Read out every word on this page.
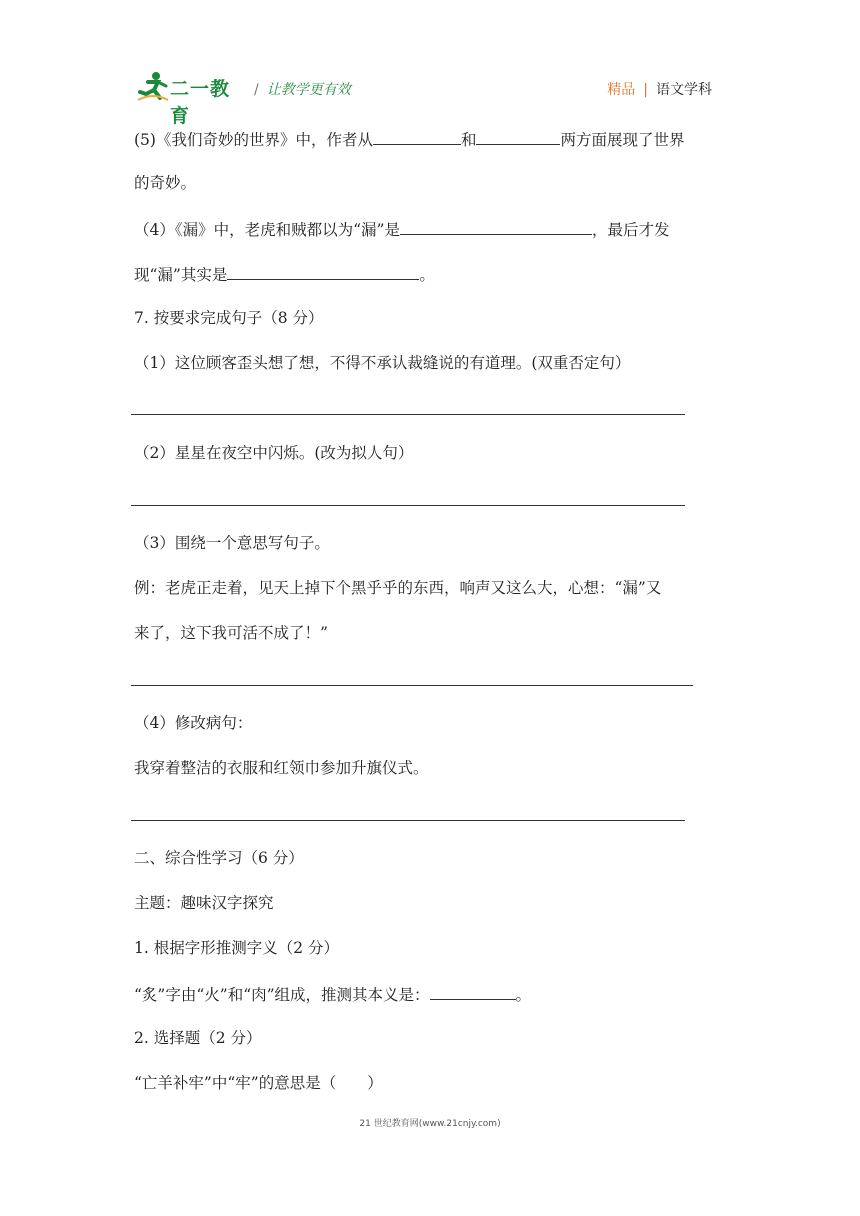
二一教育
/ 让教学更有效	精品 | 语文学科
(5)《我们奇妙的世界》中，作者从	和	两方面展现了世界
的奇妙。
（4）《漏》中，老虎和贼都以为“漏”是	，最后才发
现“漏”其实是	。
7. 按要求完成句子（8 分）
（1）这位顾客歪头想了想，不得不承认裁缝说的有道理。(双重否定句）
（2）星星在夜空中闪烁。(改为拟人句）
（3）围绕一个意思写句子。
例：老虎正走着，见天上掉下个黑乎乎的东西，响声又这么大，心想：“漏”又
来了，这下我可活不成了！”
（4）修改病句：
我穿着整洁的衣服和红领巾参加升旗仪式。
二、综合性学习（6 分）
主题：趣味汉字探究
1. 根据字形推测字义（2 分）
“炙”字由“火”和“肉”组成，推测其本义是：	。
2. 选择题（2 分）
“亡羊补牢”中“牢”的意思是（　　）
21 世纪教育网(www.21cnjy.com)
